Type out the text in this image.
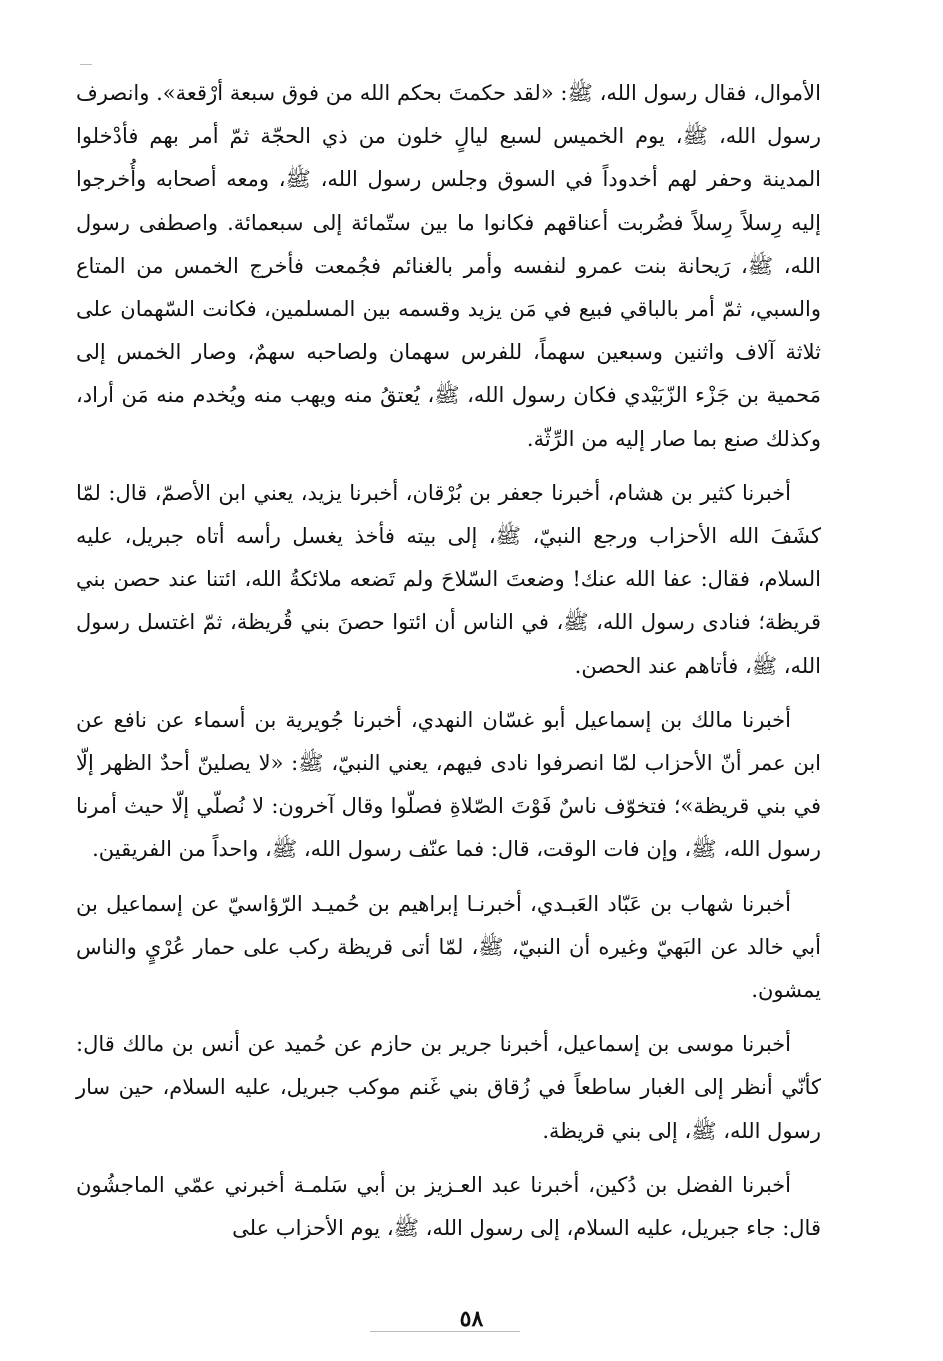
الأموال، فقال رسول الله، ﷺ: «لقد حكمتَ بحكم الله من فوق سبعة أرْقعة». وانصرف رسول الله، ﷺ، يوم الخميس لسبع ليالٍ خلون من ذي الحجّة ثمّ أمر بهم فأدْخلوا المدينة وحفر لهم أخدوداً في السوق وجلس رسول الله، ﷺ، ومعه أصحابه وأُخرجوا إليه رِسلاً رِسلاً فضُربت أعناقهم فكانوا ما بين ستّمائة إلى سبعمائة. واصطفى رسول الله، ﷺ، رَيحانة بنت عمرو لنفسه وأمر بالغنائم فجُمعت فأخرج الخمس من المتاع والسبي، ثمّ أمر بالباقي فبيع في مَن يزيد وقسمه بين المسلمين، فكانت السّهمان على ثلاثة آلاف واثنين وسبعين سهماً، للفرس سهمان ولصاحبه سهمٌ، وصار الخمس إلى مَحمية بن جَزْء الزّبَيْدي فكان رسول الله، ﷺ، يُعتقُ منه ويهب منه ويُخدم منه مَن أراد، وكذلك صنع بما صار إليه من الرِّثّة.

أخبرنا كثير بن هشام، أخبرنا جعفر بن بُرْقان، أخبرنا يزيد، يعني ابن الأصمّ، قال: لمّا كشَفَ الله الأحزاب ورجع النبيّ، ﷺ، إلى بيته فأخذ يغسل رأسه أتاه جبريل، عليه السلام، فقال: عفا الله عنك! وضعتَ السّلاحَ ولم تَضعه ملائكةُ الله، ائتنا عند حصن بني قريظة؛ فنادى رسول الله، ﷺ، في الناس أن ائتوا حصنَ بني قُريظة، ثمّ اغتسل رسول الله، ﷺ، فأتاهم عند الحصن.

أخبرنا مالك بن إسماعيل أبو غسّان النهدي، أخبرنا جُويرية بن أسماء عن نافع عن ابن عمر أنّ الأحزاب لمّا انصرفوا نادى فيهم، يعني النبيّ، ﷺ: «لا يصلينّ أحدٌ الظهر إلّا في بني قريظة»؛ فتخوّف ناسٌ فَوْتَ الصّلاةِ فصلّوا وقال آخرون: لا نُصلّي إلّا حيث أمرنا رسول الله، ﷺ، وإن فات الوقت، قال: فما عنّف رسول الله، ﷺ، واحداً من الفريقين.

أخبرنا شهاب بن عَبّاد العَبـدي، أخبرنـا إبراهيم بن حُميـد الرّؤاسيّ عن إسماعيل بن أبي خالد عن البَهيّ وغيره أن النبيّ، ﷺ، لمّا أتى قريظة ركب على حمار عُرْيٍ والناس يمشون.

أخبرنا موسى بن إسماعيل، أخبرنا جرير بن حازم عن حُميد عن أنس بن مالك قال: كأنّي أنظر إلى الغبار ساطعاً في زُقاق بني غَنم موكب جبريل، عليه السلام، حين سار رسول الله، ﷺ، إلى بني قريظة.

أخبرنا الفضل بن دُكين، أخبرنا عبد العـزيز بن أبي سَلمـة أخبرني عمّي الماجشُون قال: جاء جبريل، عليه السلام، إلى رسول الله، ﷺ، يوم الأحزاب على

٥٨
